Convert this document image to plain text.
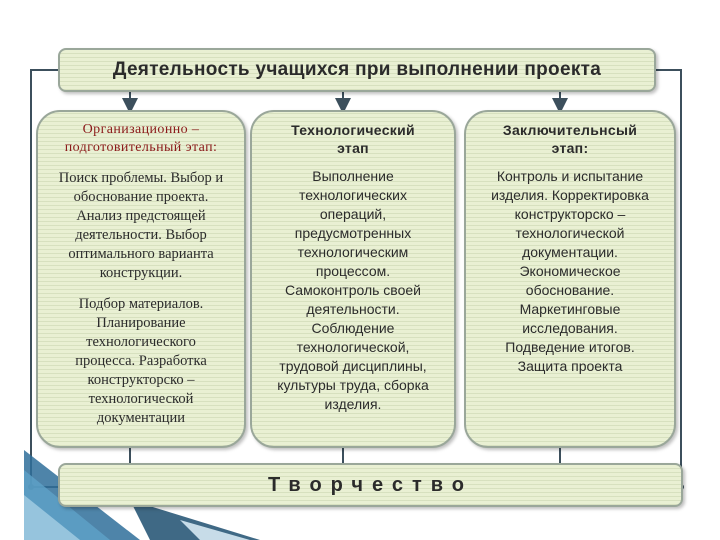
Деятельность учащихся при выполнении проекта
Организационно –
подготовительный этап:

Поиск проблемы. Выбор и
обоснование проекта.
Анализ предстоящей
деятельности. Выбор
оптимального варианта
конструкции.

Подбор материалов.
Планирование
технологического
процесса. Разработка
конструкторско –
технологической
документации

Технологический
этап

Выполнение
технологических
операций,
предусмотренных
технологическим
процессом.
Самоконтроль своей
деятельности.
Соблюдение
технологической,
трудовой дисциплины,
культуры труда, сборка
изделия.

Заключительнсый
этап:

Контроль и испытание
изделия. Корректировка
конструкторско –
технологической
документации.
Экономическое
обоснование.
Маркетинговые
исследования.
Подведение итогов.
Защита проекта

Творчество
